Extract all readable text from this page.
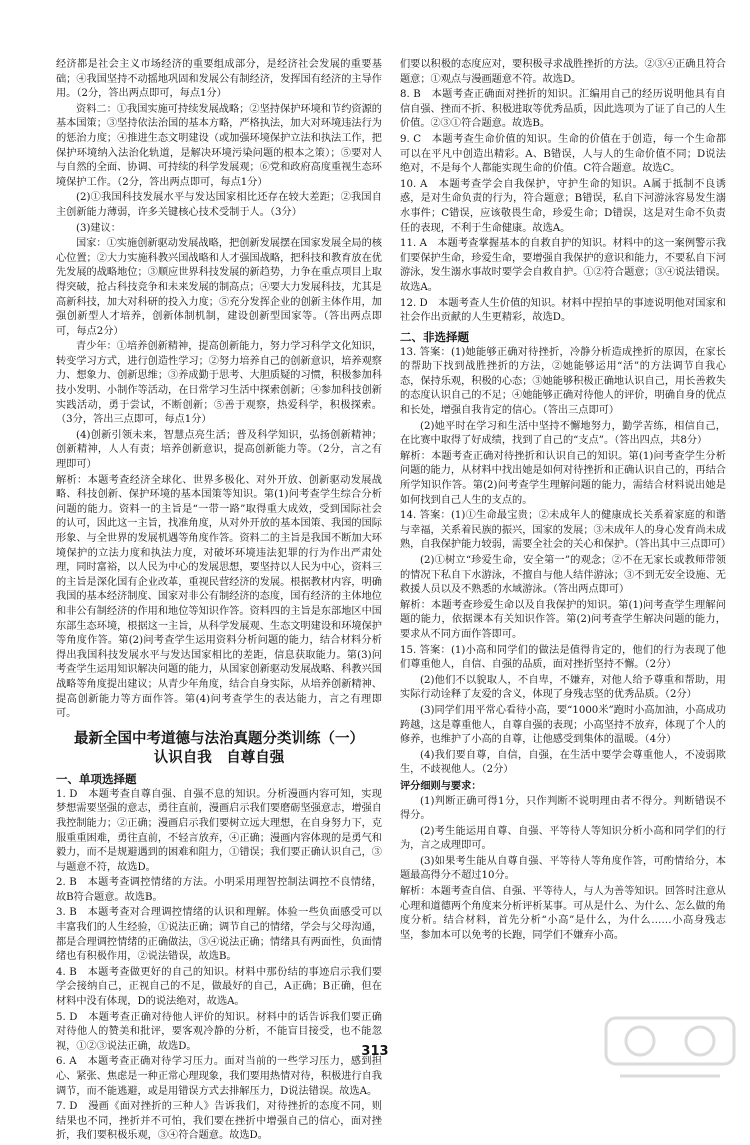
经济都是社会主义市场经济的重要组成部分，是经济社会发展的重要基础；④我国坚持不动摇地巩固和发展公有制经济，发挥国有经济的主导作用。（2分，答出两点即可，每点1分）

资料二：①我国实施可持续发展战略；②坚持保护环境和节约资源的基本国策；③坚持依法治国的基本方略，严格执法，加大对环境违法行为的惩治力度；④推进生态文明建设（或加强环境保护立法和执法工作，把保护环境纳入法治化轨道，是解决环境污染问题的根本之策）；⑤要对人与自然的全面、协调、可持续的科学发展观；⑥党和政府高度重视生态环境保护工作。（2分，答出两点即可，每点1分）

(2)①我国科技发展水平与发达国家相比还存在较大差距；②我国自主创新能力薄弱，许多关键核心技术受制于人。（3分）

(3)建议：

国家：①实施创新驱动发展战略，把创新发展摆在国家发展全局的核心位置；②大力实施科教兴国战略和人才强国战略，把科技和教育放在优先发展的战略地位；③顺应世界科技发展的新趋势，力争在重点项目上取得突破，抢占科技竞争和未来发展的制高点；④要大力发展科技，尤其是高新科技，加大对科研的投入力度；⑤充分发挥企业的创新主体作用，加强创新型人才培养，创新体制机制，建设创新型国家等。（答出两点即可，每点2分）

青少年：①培养创新精神，提高创新能力，努力学习科学文化知识，转变学习方式，进行创造性学习；②努力培养自己的创新意识，培养观察力、想象力、创新思维；③养成勤于思考、大胆质疑的习惯，积极参加科技小发明、小制作等活动，在日常学习生活中探索创新；④参加科技创新实践活动，勇于尝试，不断创新；⑤善于观察，热爱科学，积极探索。（3分，答出三点即可，每点1分）

(4)创新引领未来，智慧点亮生活；普及科学知识，弘扬创新精神；创新精神，人人有责；培养创新意识，提高创新能力等。（2分，言之有理即可）

解析：本题考查经济全球化、世界多极化、对外开放、创新驱动发展战略、科技创新、保护环境的基本国策等知识。第(1)问考查学生综合分析问题的能力。资料一的主旨是“一带一路”取得重大成效，受到国际社会的认可，因此这一主旨，找准角度，从对外开放的基本国策、我国的国际形象、与全世界的发展机遇等角度作答。资料二的主旨是我国不断加大环境保护的立法力度和执法力度，对破坏环境违法犯罪的行为作出严肃处理，同时富裕，以人民为中心的发展思想，要坚持以人民为中心，资料三的主旨是深化国有企业改革，重视民营经济的发展。根据教材内容，明确我国的基本经济制度、国家对非公有制经济的态度，国有经济的主体地位和非公有制经济的作用和地位等知识作答。资料四的主旨是东部地区中国东部生态环境，根据这一主旨，从科学发展观、生态文明建设和环境保护等角度作答。第(2)问考查学生运用资料分析问题的能力，结合材料分析得出我国科技发展水平与发达国家相比的差距，信息获取能力。第(3)问考查学生运用知识解决问题的能力，从国家创新驱动发展战略、科教兴国战略等角度提出建议；从青少年角度，结合自身实际，从培养创新精神、提高创新能力等方面作答。第(4)问考查学生的表达能力，言之有理即可。

最新全国中考道德与法治真题分类训练（一）
认识自我　自尊自强
一、单项选择题

1. D　本题考查自尊自强、自强不息的知识。分析漫画内容可知，实现梦想需要坚强的意志，勇往直前，漫画启示我们要磨砺坚强意志，增强自我控制能力；②正确；漫画启示我们要树立远大理想，在自身努力下，克服重重困难，勇往直前，不轻言放弃，④正确；漫画内容体现的是勇气和毅力，而不是规避遇到的困难和阻力，①错误；我们要正确认识自己，③与题意不符，故选D。

2. B　本题考查调控情绪的方法。小明采用理智控制法调控不良情绪，故B符合题意。故选B。

3. B　本题考查对合理调控情绪的认识和理解。体验一些负面感受可以丰富我们的人生经验，①说法正确；调节自己的情绪，学会与父母沟通，都是合理调控情绪的正确做法，③④说法正确；情绪具有两面性，负面情绪也有积极作用，②说法错误，故选B。

4. B　本题考查做更好的自己的知识。材料中那份结的事迹启示我们要学会接纳自己，正视自己的不足，做最好的自己，A正确；B正确，但在材料中没有体现，D的说法绝对，故选A。

5. D　本题考查正确对待他人评价的知识。材料中的话告诉我们要正确对待他人的赞美和批评，要客观冷静的分析，不能盲目接受，也不能忽视，①②③说法正确，故选D。

6. A　本题考查正确对待学习压力。面对当前的一些学习压力，感到担心、紧张、焦虑是一种正常心理现象，我们要用热情对待，积极进行自我调节，而不能逃避，或是用错误方式去排解压力，D说法错误。故选A。

7. D　漫画《面对挫折的三种人》告诉我们，对待挫折的态度不同，则结果也不同，挫折并不可怕，我们要在挫折中增强自己的信心，面对挫折，我们要积极乐观，③④符合题意。故选D。

们要以积极的态度应对，要积极寻求战胜挫折的方法。②③④正确且符合题意；①观点与漫画题意不符。故选D。

8. B　本题考查正确面对挫折的知识。汇编用自己的经历说明他具有自信自强、挫而不折、积极进取等优秀品质，因此选项为了证了自己的人生价值。②③①符合题意。故选B。

9. C　本题考查生命价值的知识。生命的价值在于创造，每一个生命都可以在平凡中创造出精彩。A、B错误，人与人的生命价值不同；D说法绝对，不是每个人都能实现生命的价值。C符合题意。故选C。

10. A　本题考查学会自我保护，守护生命的知识。A属于抵制不良诱惑，是对生命负责的行为，符合题意；B错误，私自下河游泳容易发生溺水事件；C错误，应该敬畏生命，珍爱生命；D错误，这是对生命不负责任的表现，不利于生命健康。故选A。

11. A　本题考查掌握基本的自救自护的知识。材料中的这一案例警示我们要保护生命，珍爱生命，要增强自我保护的意识和能力，不要私自下河游泳，发生溺水事故时要学会自救自护。①②符合题意；③④说法错误。故选A。

12. D　本题考查人生价值的知识。材料中捏拍早的事迹说明他对国家和社会作出贡献的人生更精彩，故选D。

二、非选择题

13. 答案：(1)她能够正确对待挫折，冷静分析造成挫折的原因，在家长的帮助下找到战胜挫折的方法，②她能够运用“活”的方法调节自我心态，保持乐观，积极的心态；③她能够积极正确地认识自己，用长善救失的态度认识自己的不足；④她能够正确对待他人的评价，明确自身的优点和长处，增强自我肯定的信心。（答出三点即可）

(2)她平时在学习和生活中坚持不懈地努力，勤学苦练，相信自己，在比赛中取得了好成绩，找到了自己的“支点”。（答出四点，共8分）

解析：本题考查正确对待挫折和认识自己的知识。第(1)问考查学生分析问题的能力，从材料中找出她是如何对待挫折和正确认识自己的，再结合所学知识作答。第(2)问考查学生理解问题的能力，需结合材料说出她是如何找到自己人生的支点的。

14. 答案：(1)①生命最宝贵；②未成年人的健康成长关系着家庭的和谐与幸福，关系着民族的振兴，国家的发展；③未成年人的身心发育尚未成熟，自我保护能力较弱，需要全社会的关心和保护。（答出其中三点即可）

(2)①树立“珍爱生命，安全第一”的观念；②不在无家长或教师带领的情况下私自下水游泳，不擅自与他人结伴游泳；③不到无安全设施、无救援人员以及不熟悉的水域游泳。（答出两点即可）

解析：本题考查珍爱生命以及自我保护的知识。第(1)问考查学生理解问题的能力，依据课本有关知识作答。第(2)问考查学生解决问题的能力，要求从不同方面作答即可。

15. 答案：(1)小高和同学们的做法是值得肯定的，他们的行为表现了他们尊重他人，自信、自强的品质，面对挫折坚持不懈。（2分）

(2)他们不以貌取人，不自卑，不嫌弃，对他人给予尊重和帮助，用实际行动诠释了友爱的含义，体现了身残志坚的优秀品质。（2分）

(3)同学们用平常心看待小高，要“1000米”跑时小高加油，小高成功跨越，这是尊重他人，自尊自强的表现；小高坚持不放弃，体现了个人的修养，也维护了小高的自尊，让他感受到集体的温暖。（4分）

(4)我们要自尊，自信，自强，在生活中要学会尊重他人，不凌弱欺生，不歧视他人。（2分）

评分细则与要求：

(1)判断正确可得1分，只作判断不说明理由者不得分。判断错误不得分。

(2)考生能运用自尊、自强、平等待人等知识分析小高和同学们的行为，言之成理即可。

(3)如果考生能从自尊自强、平等待人等角度作答，可酌情给分，本题最高得分不超过10分。

解析：本题考查自信、自强、平等待人，与人为善等知识。回答时注意从心理和道德两个角度来分析评析某事。可从是什么、为什么、怎么做的角度分析。结合材料，首先分析“小高”是什么，为什么……小高身残志坚，参加本可以免考的长跑，同学们不嫌弃小高。

313
